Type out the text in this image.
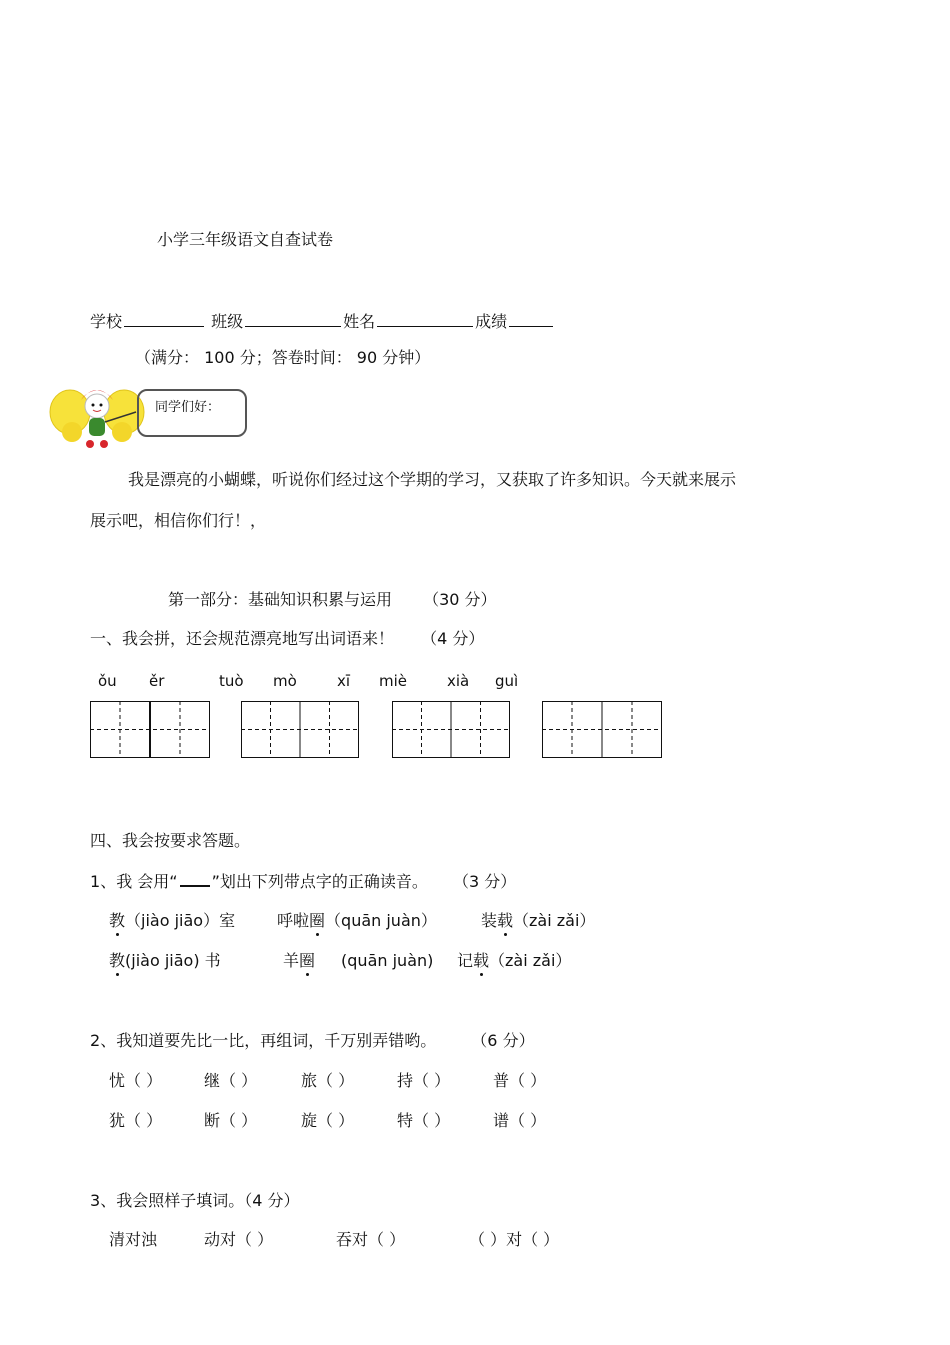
小学三年级语文自查试卷
学校	班级	姓名	成绩
（满分： 100 分；答卷时间： 90 分钟）
同学们好：
我是漂亮的小蝴蝶，听说你们经过这个学期的学习，又获取了许多知识。今天就来展示
展示吧，相信你们行！，
第一部分：基础知识积累与运用 （30 分）
一、我会拼，还会规范漂亮地写出词语来！ （4 分）
ǒu ěr	tuò mò	xī miè	xià guì
四、我会按要求答题。
1、我 会用“ ”划出下列带点字的正确读音。 （3 分）
教（jiào jiāo）室	呼啦圈（quān juàn）	装载（zài zǎi）
教(jiào jiāo) 书	羊圈 (quān juàn) 记载（zài zǎi）
2、我知道要先比一比，再组词，千万别弄错哟。 （6 分）
忧（ ）	继（ ）	旅（ ）	持（ ）	普（ ）
犹（ ）	断（ ）	旋（ ）	特（ ）	谱（ ）
3、我会照样子填词。（4 分）
清对浊	动对（ ）	吞对（ ）	（ ）对（ ）
